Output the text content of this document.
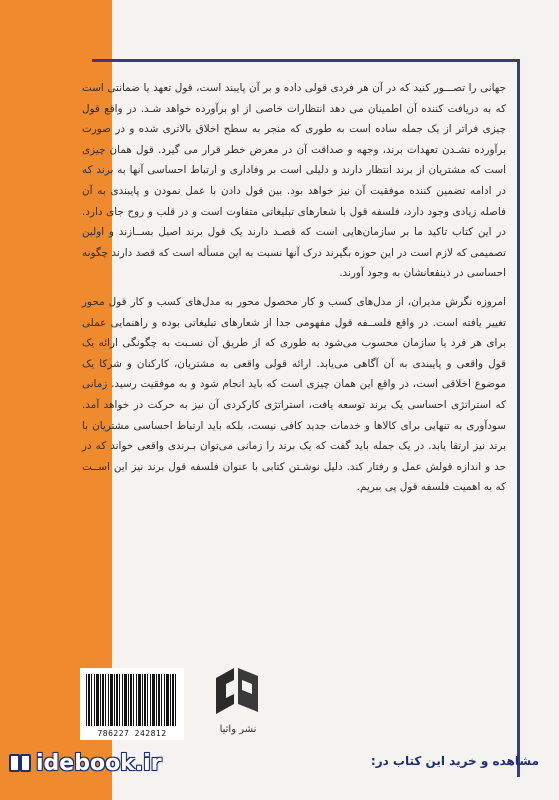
جهانی را تصـــور کنید که در آن هر فردی قولی داده و بر آن پایبند است، قول تعهد یا ضمانتی است که به دریافت کننده آن اطمینان می دهد انتظارات خاصی از او برآورده خواهد شـد. در واقع قول چیزی فراتر از یک جمله ساده است به طوری که منجر به سطح اخلاق بالاتری شده و در صورت برآورده نشـدن تعهدات برند، وجهه و صداقت آن در معرض خطر قرار می گیرد. قول همان چیزی است که مشتریان از برند انتظار دارند و دلیلی است بر وفاداری و ارتباط احساسی آنها به برند که در ادامه تضمین کننده موفقیت آن نیز خواهد بود. بین قول دادن با عمل نمودن و پایبندی به آن فاصله زیادی وجود دارد، فلسفه قول با شعارهای تبلیغاتی متفاوت است و در قلب و روح جای دارد. در این کتاب تاکید ما بر سازمان‌هایی است که قصـد دارند یک قول برند اصیل بســازند و اولین تصمیمی که لازم است در این حوزه بگیرند درک آنها نسبت به این مسأله است که قصد دارند چگونه احساسی در ذینفعانشان به وجود آورند.

امروزه نگرش مدیران، از مدل‌های کسب و کار محصول محور به مدل‌های کسب و کار قول محور تغییر یافته است. در واقع فلســفه قول مفهومی جدا از شعارهای تبلیغاتی بوده و راهنمایی عملی برای هر فرد یا سازمان محسوب می‌شود به طوری که از طریق آن نسـبت به چگونگی ارائه یک قول واقعی و پایبندی به آن آگاهی می‌یابد. ارائه قولی واقعی به مشتریان، کارکنان و شرکا یک موضوع اخلاقی است، در واقع این همان چیزی است که باید انجام شود و به موفقیت رسید. زمانی که استراتژی احساسی یک برند توسعه یافت، استراتژی کارکردی آن نیز به حرکت در خواهد آمد. سودآوری به تنهایی برای کالاها و خدمات جدید کافی نیست، بلکه باید ارتباط احساسی مشتریان با برند نیز ارتقا یابد. در یک جمله باید گفت که یک برند را زمانی می‌توان بـرندی واقعی خواند که در حد و اندازه قولش عمل و رفتار کند. دلیل نوشـتن کتابی با عنوان فلسفه قول برند نیز این اســت که به اهمیت فلسفه قول پی ببریم.

786227 242812	نشر واثیا
idebook.ir	مشاهده و خرید این کتاب در:
